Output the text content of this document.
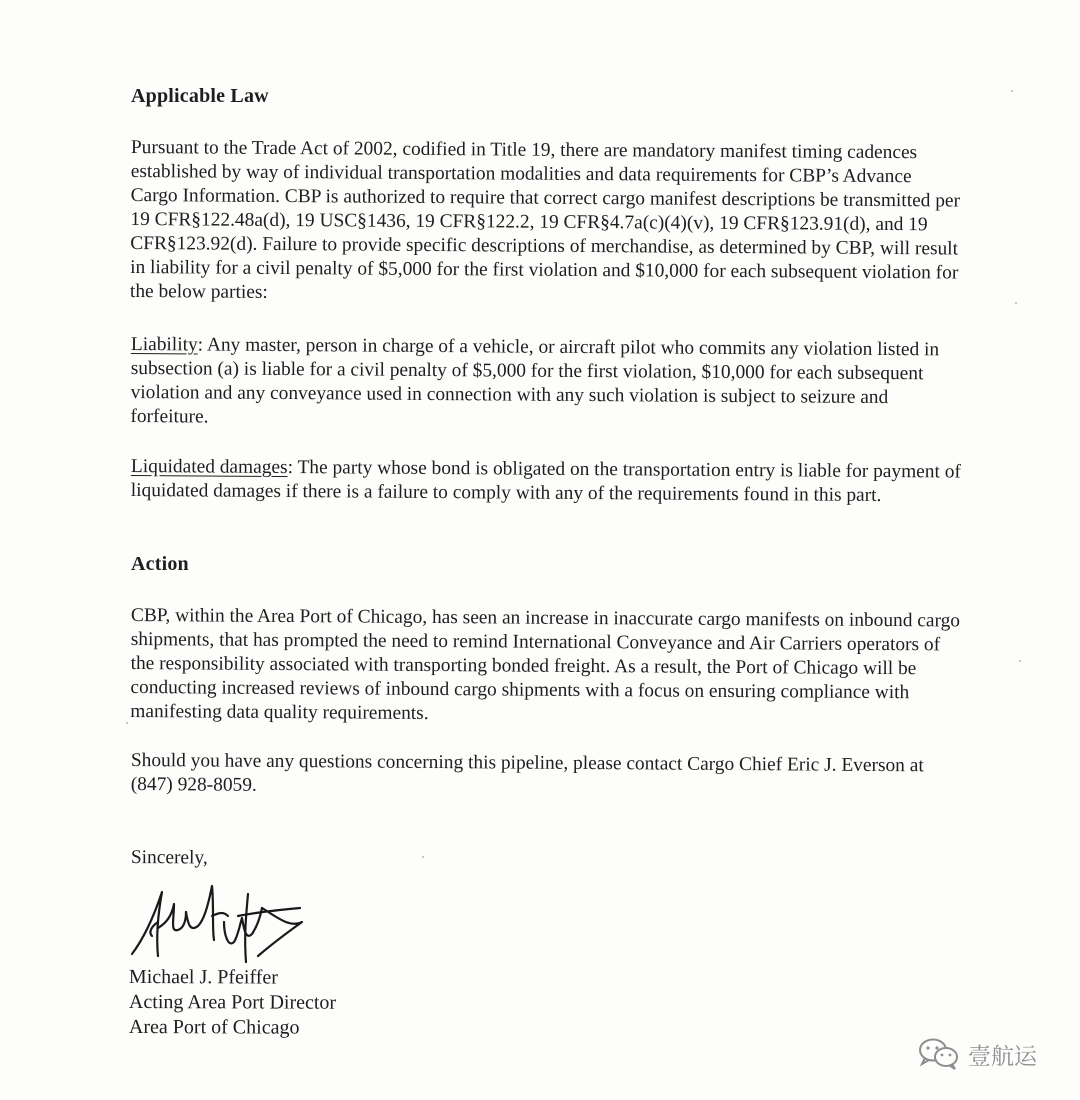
Applicable Law
Pursuant to the Trade Act of 2002, codified in Title 19, there are mandatory manifest timing cadences established by way of individual transportation modalities and data requirements for CBP’s Advance Cargo Information. CBP is authorized to require that correct cargo manifest descriptions be transmitted per 19 CFR§122.48a(d), 19 USC§1436, 19 CFR§122.2, 19 CFR§4.7a(c)(4)(v), 19 CFR§123.91(d), and 19 CFR§123.92(d). Failure to provide specific descriptions of merchandise, as determined by CBP, will result in liability for a civil penalty of $5,000 for the first violation and $10,000 for each subsequent violation for the below parties:
Liability: Any master, person in charge of a vehicle, or aircraft pilot who commits any violation listed in subsection (a) is liable for a civil penalty of $5,000 for the first violation, $10,000 for each subsequent violation and any conveyance used in connection with any such violation is subject to seizure and forfeiture.
Liquidated damages: The party whose bond is obligated on the transportation entry is liable for payment of liquidated damages if there is a failure to comply with any of the requirements found in this part.
Action
CBP, within the Area Port of Chicago, has seen an increase in inaccurate cargo manifests on inbound cargo shipments, that has prompted the need to remind International Conveyance and Air Carriers operators of the responsibility associated with transporting bonded freight. As a result, the Port of Chicago will be conducting increased reviews of inbound cargo shipments with a focus on ensuring compliance with manifesting data quality requirements.
Should you have any questions concerning this pipeline, please contact Cargo Chief Eric J. Everson at (847) 928-8059.
Sincerely,
Michael J. Pfeiffer
Acting Area Port Director
Area Port of Chicago
壹航运
